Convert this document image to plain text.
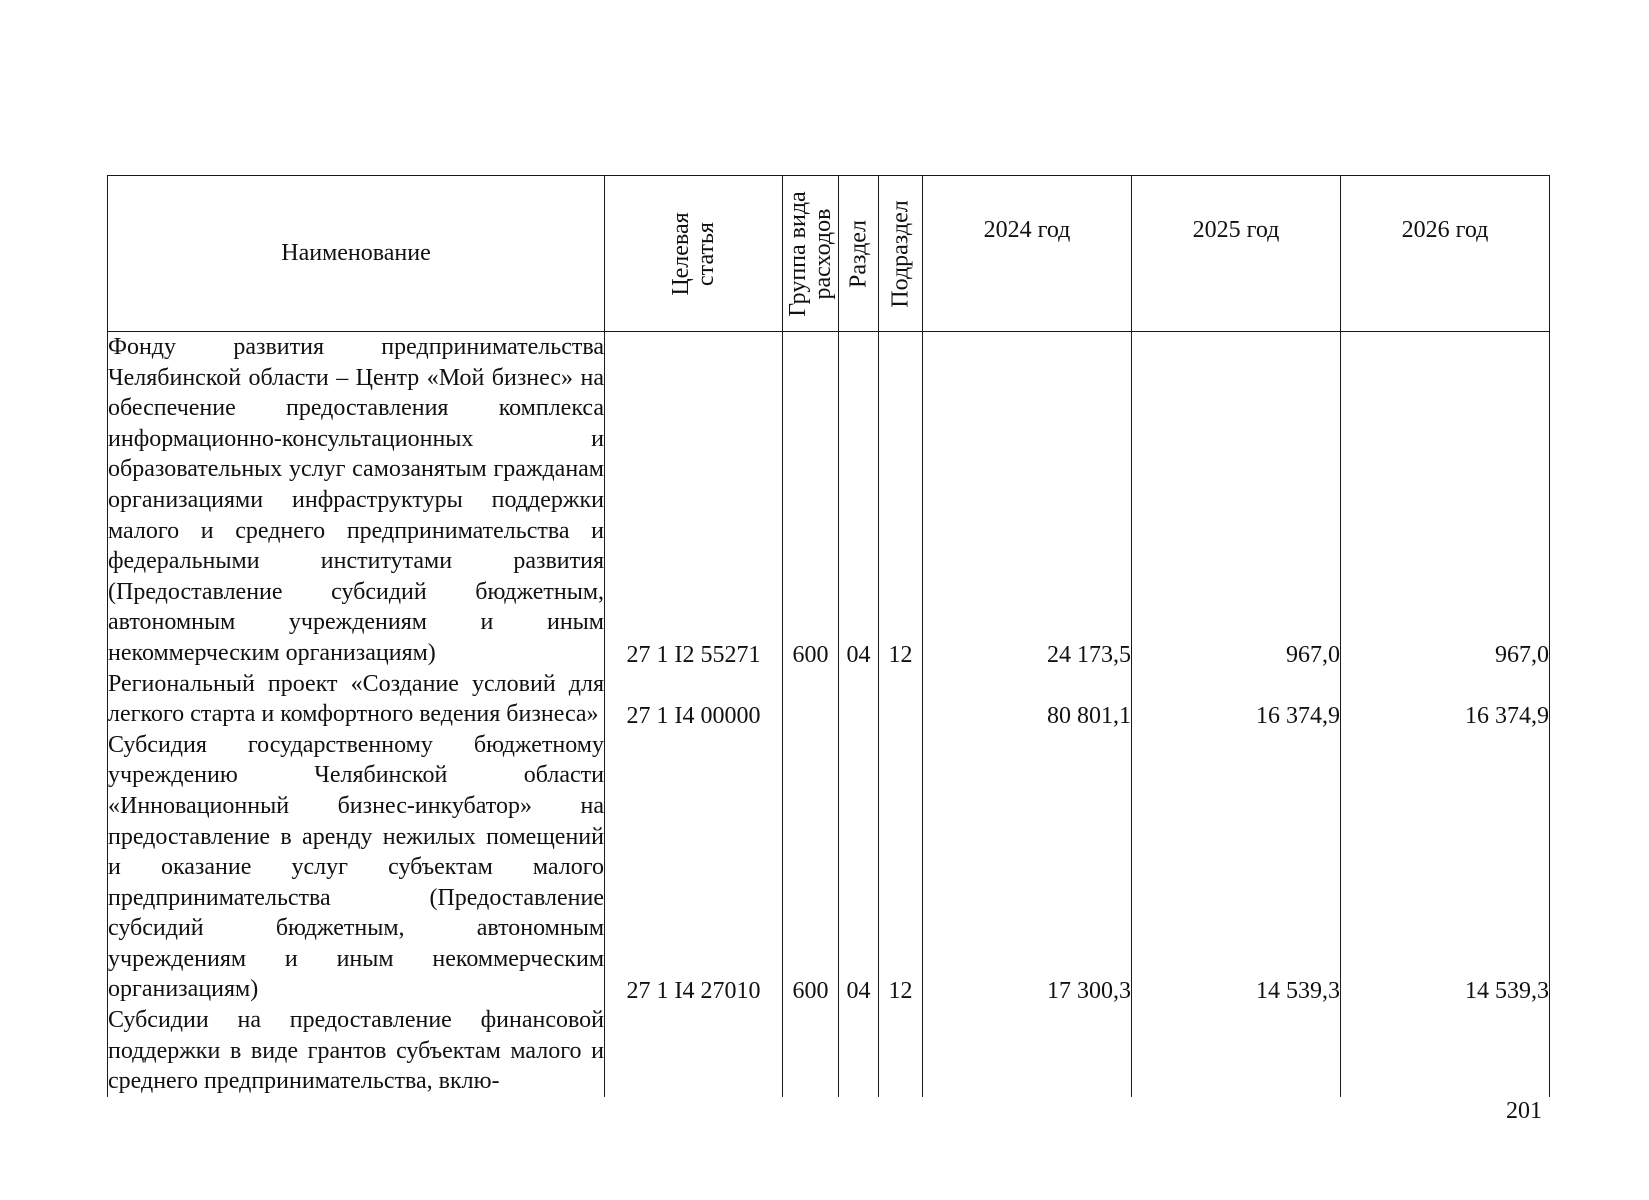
Наименование	Целевая статья	Группа вида расходов	Раздел	Подраздел	2024 год	2025 год	2026 год

Фонду развития предпринимательства Челябинской области – Центр «Мой бизнес» на обеспечение предоставления комплекса информационно-консультационных и образовательных услуг самозанятым гражданам организациями инфраструктуры поддержки малого и среднего предпринимательства и федеральными институтами развития (Предоставление субсидий бюджетным, автономным учреждениям и иным некоммерческим организациям)	27 1 I2 55271	600	04	12	24 173,5	967,0	967,0
Региональный проект «Создание условий для легкого старта и комфортного ведения бизнеса»	27 1 I4 00000				80 801,1	16 374,9	16 374,9
Субсидия государственному бюджетному учреждению Челябинской области «Инновационный бизнес-инкубатор» на предоставление в аренду нежилых помещений и оказание услуг субъектам малого предпринимательства (Предоставление субсидий бюджетным, автономным учреждениям и иным некоммерческим организациям)	27 1 I4 27010	600	04	12	17 300,3	14 539,3	14 539,3
Субсидии на предоставление финансовой поддержки в виде грантов субъектам малого и среднего предпринимательства, вклю-							
201
